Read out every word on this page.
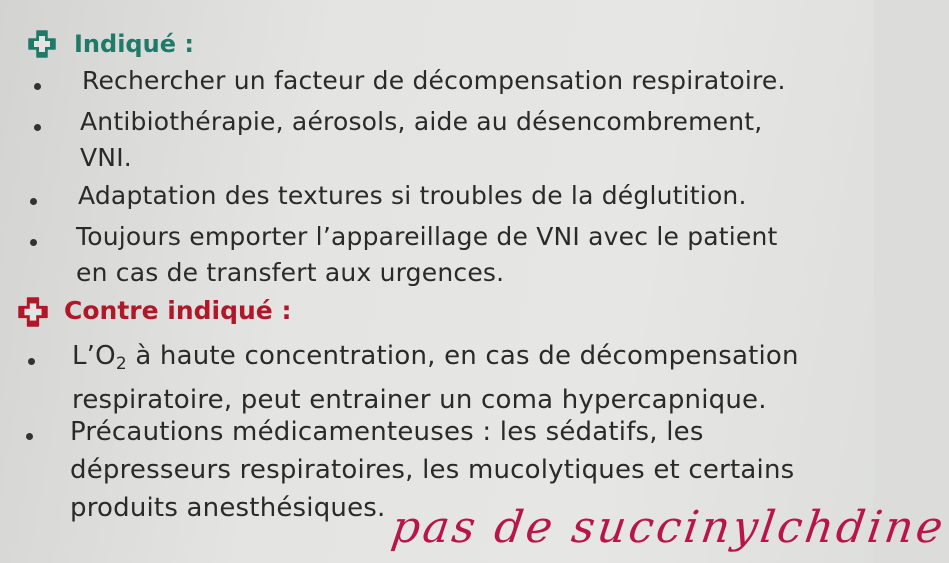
Indiqué :
Rechercher un facteur de décompensation respiratoire.
Antibiothérapie, aérosols, aide au désencombrement,
VNI.
Adaptation des textures si troubles de la déglutition.
Toujours emporter l’appareillage de VNI avec le patient
en cas de transfert aux urgences.
Contre indiqué :
$L’O_2$ à haute concentration, en cas de décompensation
respiratoire, peut entrainer un coma hypercapnique.
Précautions médicamenteuses : les sédatifs, les
dépresseurs respiratoires, les mucolytiques et certains
produits anesthésiques. pas de succinylchdine
